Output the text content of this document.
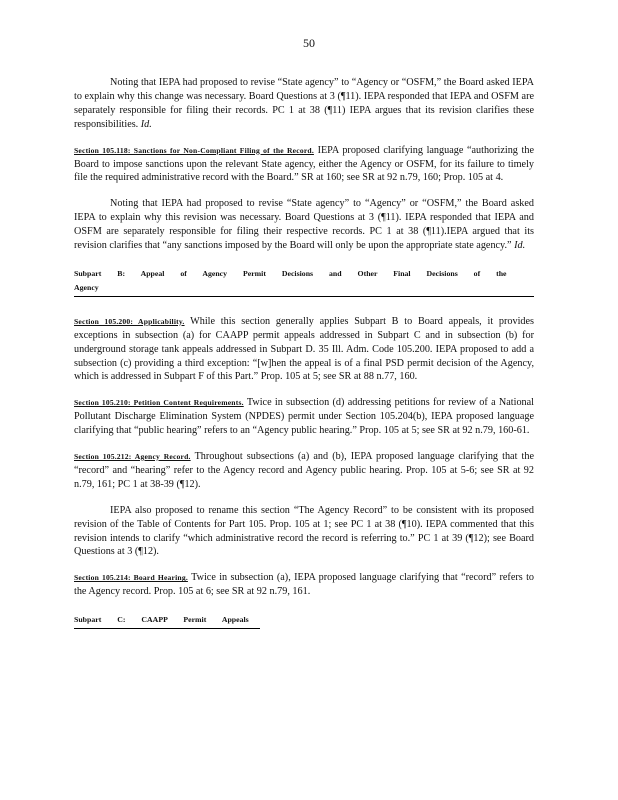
50

Noting that IEPA had proposed to revise “State agency” to “Agency or “OSFM,” the Board asked IEPA to explain why this change was necessary. Board Questions at 3 (¶11). IEPA responded that IEPA and OSFM are separately responsible for filing their records. PC 1 at 38 (¶11) IEPA argues that its revision clarifies these responsibilities. Id.

Section 105.118: Sanctions for Non-Compliant Filing of the Record. IEPA proposed clarifying language “authorizing the Board to impose sanctions upon the relevant State agency, either the Agency or OSFM, for its failure to timely file the required administrative record with the Board.” SR at 160; see SR at 92 n.79, 160; Prop. 105 at 4.

Noting that IEPA had proposed to revise “State agency” to “Agency” or “OSFM,” the Board asked IEPA to explain why this revision was necessary. Board Questions at 3 (¶11). IEPA responded that IEPA and OSFM are separately responsible for filing their respective records. PC 1 at 38 (¶11).IEPA argued that its revision clarifies that “any sanctions imposed by the Board will only be upon the appropriate state agency.” Id.

Subpart B: Appeal of Agency Permit Decisions and Other Final Decisions of the Agency

Section 105.200: Applicability. While this section generally applies Subpart B to Board appeals, it provides exceptions in subsection (a) for CAAPP permit appeals addressed in Subpart C and in subsection (b) for underground storage tank appeals addressed in Subpart D. 35 Ill. Adm. Code 105.200. IEPA proposed to add a subsection (c) providing a third exception: “[w]hen the appeal is of a final PSD permit decision of the Agency, which is addressed in Subpart F of this Part.” Prop. 105 at 5; see SR at 88 n.77, 160.

Section 105.210: Petition Content Requirements. Twice in subsection (d) addressing petitions for review of a National Pollutant Discharge Elimination System (NPDES) permit under Section 105.204(b), IEPA proposed language clarifying that “public hearing” refers to an “Agency public hearing.” Prop. 105 at 5; see SR at 92 n.79, 160-61.

Section 105.212: Agency Record. Throughout subsections (a) and (b), IEPA proposed language clarifying that the “record” and “hearing” refer to the Agency record and Agency public hearing. Prop. 105 at 5-6; see SR at 92 n.79, 161; PC 1 at 38-39 (¶12).

IEPA also proposed to rename this section “The Agency Record” to be consistent with its proposed revision of the Table of Contents for Part 105. Prop. 105 at 1; see PC 1 at 38 (¶10). IEPA commented that this revision intends to clarify “which administrative record the record is referring to.” PC 1 at 39 (¶12); see Board Questions at 3 (¶12).

Section 105.214: Board Hearing. Twice in subsection (a), IEPA proposed language clarifying that “record” refers to the Agency record. Prop. 105 at 6; see SR at 92 n.79, 161.

Subpart C: CAAPP Permit Appeals
